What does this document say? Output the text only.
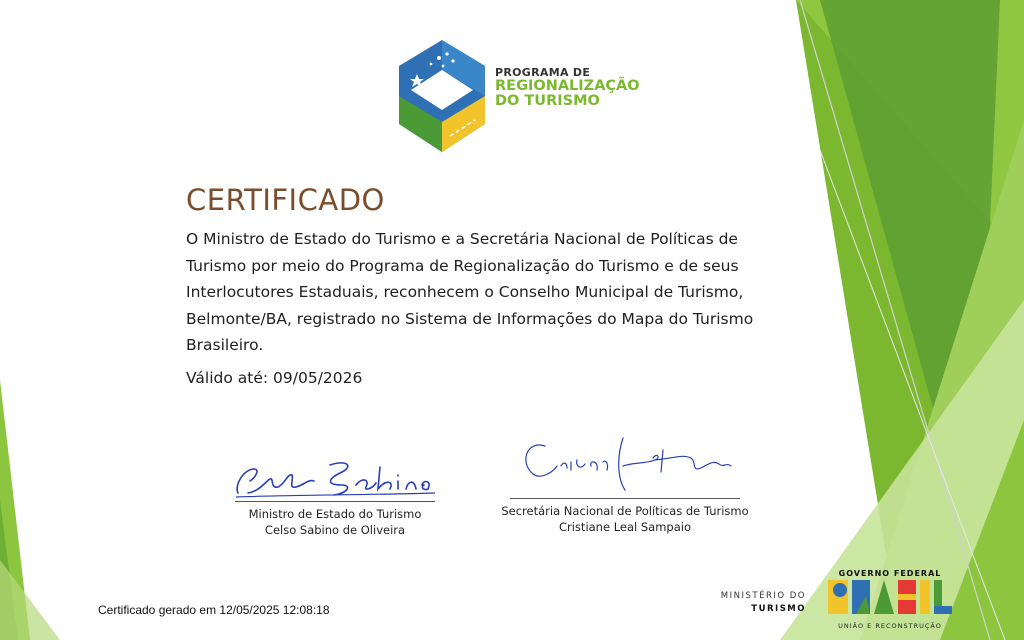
PROGRAMA DE
REGIONALIZAÇÃO
DO TURISMO
CERTIFICADO
O Ministro de Estado do Turismo e a Secretária Nacional de Políticas de Turismo por meio do Programa de Regionalização do Turismo e de seus Interlocutores Estaduais, reconhecem o Conselho Municipal de Turismo, Belmonte/BA, registrado no Sistema de Informações do Mapa do Turismo Brasileiro.
Válido até: 09/05/2026
Ministro de Estado do Turismo
Celso Sabino de Oliveira
Secretária Nacional de Políticas de Turismo
Cristiane Leal Sampaio
Certificado gerado em 12/05/2025 12:08:18
MINISTÉRIO DO
TURISMO
GOVERNO FEDERAL
UNIÃO E RECONSTRUÇÃO
